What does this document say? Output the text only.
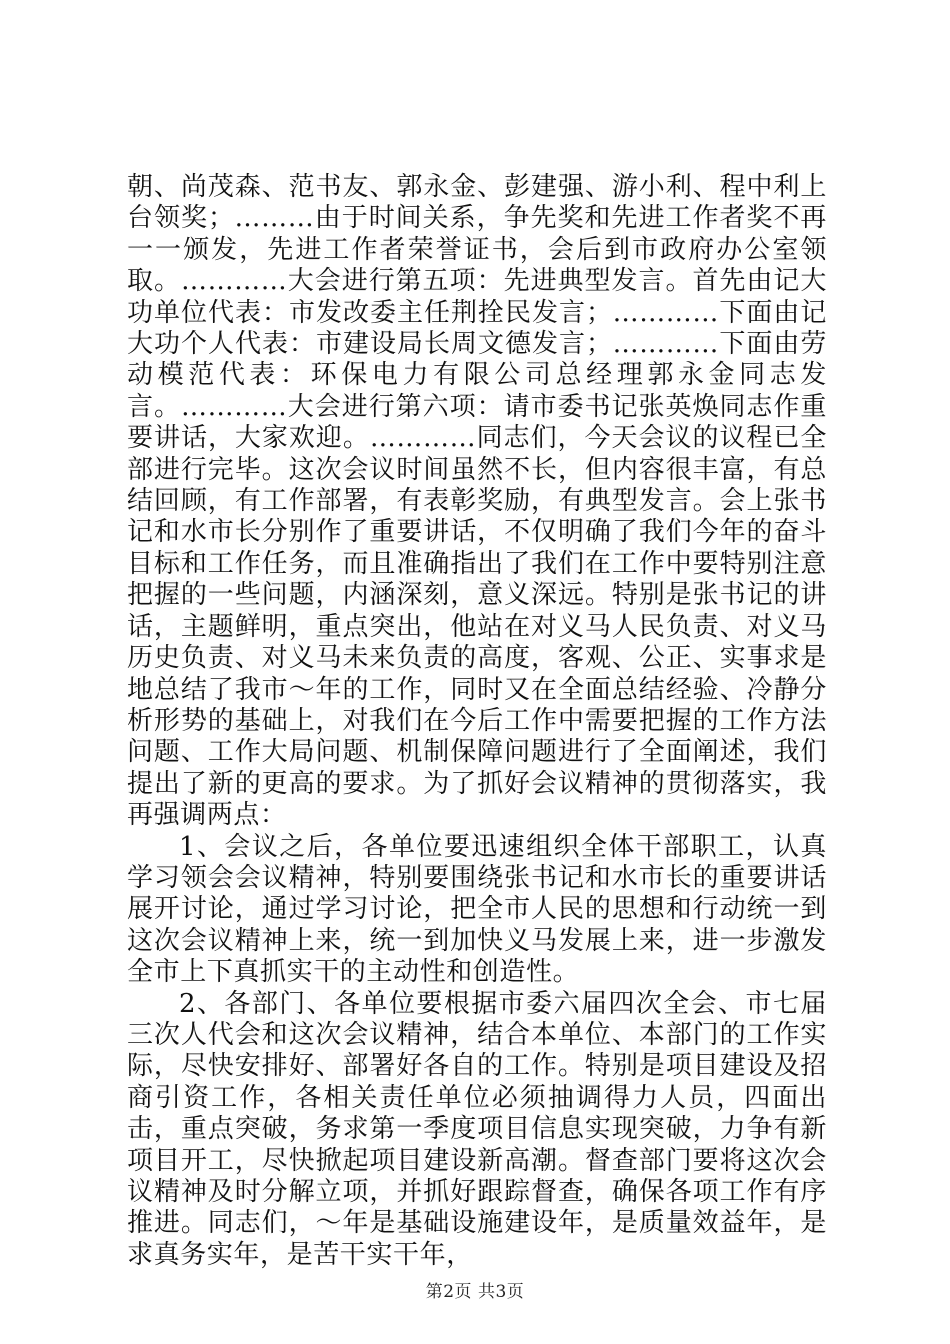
朝、尚茂森、范书友、郭永金、彭建强、游小利、程中利上台领奖；………由于时间关系，争先奖和先进工作者奖不再一一颁发，先进工作者荣誉证书，会后到市政府办公室领取。…………大会进行第五项：先进典型发言。首先由记大功单位代表：市发改委主任荆拴民发言；…………下面由记大功个人代表：市建设局长周文德发言；…………下面由劳动模范代表：环保电力有限公司总经理郭永金同志发言。…………大会进行第六项：请市委书记张英焕同志作重要讲话，大家欢迎。…………同志们，今天会议的议程已全部进行完毕。这次会议时间虽然不长，但内容很丰富，有总结回顾，有工作部署，有表彰奖励，有典型发言。会上张书记和水市长分别作了重要讲话，不仅明确了我们今年的奋斗目标和工作任务，而且准确指出了我们在工作中要特别注意把握的一些问题，内涵深刻，意义深远。特别是张书记的讲话，主题鲜明，重点突出，他站在对义马人民负责、对义马历史负责、对义马未来负责的高度，客观、公正、实事求是地总结了我市～年的工作，同时又在全面总结经验、冷静分析形势的基础上，对我们在今后工作中需要把握的工作方法问题、工作大局问题、机制保障问题进行了全面阐述，我们提出了新的更高的要求。为了抓好会议精神的贯彻落实，我再强调两点：

1、会议之后，各单位要迅速组织全体干部职工，认真学习领会会议精神，特别要围绕张书记和水市长的重要讲话展开讨论，通过学习讨论，把全市人民的思想和行动统一到这次会议精神上来，统一到加快义马发展上来，进一步激发全市上下真抓实干的主动性和创造性。

2、各部门、各单位要根据市委六届四次全会、市七届三次人代会和这次会议精神，结合本单位、本部门的工作实际，尽快安排好、部署好各自的工作。特别是项目建设及招商引资工作，各相关责任单位必须抽调得力人员，四面出击，重点突破，务求第一季度项目信息实现突破，力争有新项目开工，尽快掀起项目建设新高潮。督查部门要将这次会议精神及时分解立项，并抓好跟踪督查，确保各项工作有序推进。同志们，～年是基础设施建设年，是质量效益年，是求真务实年，是苦干实干年，

第2页 共3页
